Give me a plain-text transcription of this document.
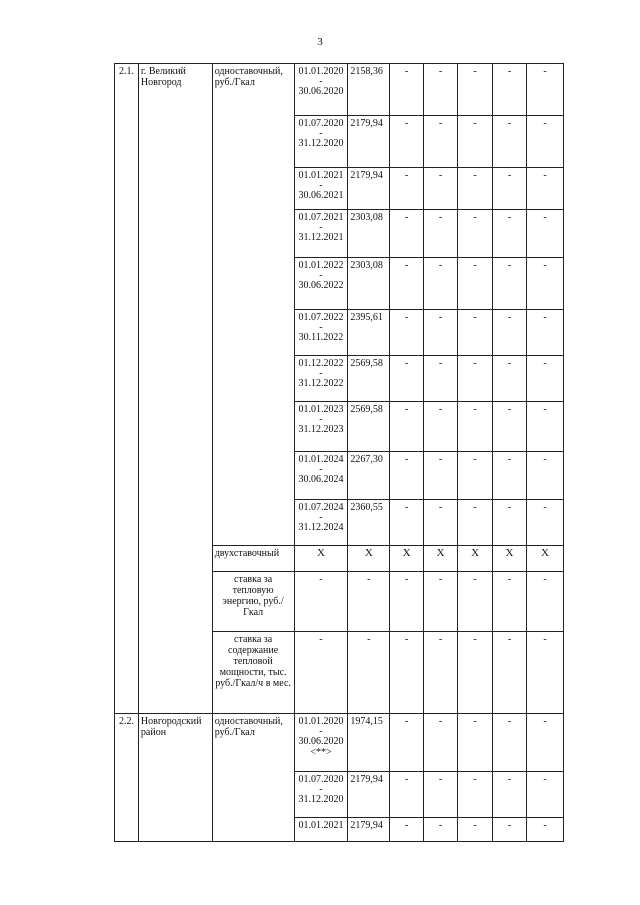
3
2.1.	г. Великий Новгород	одноставочный, руб./Гкал	01.01.2020
-
30.06.2020	2158,36	-	-	-	-	-

			01.07.2020
-
31.12.2020	2179,94	-	-	-	-	-

			01.01.2021
-
30.06.2021	2179,94	-	-	-	-	-

			01.07.2021
-
31.12.2021	2303,08	-	-	-	-	-

			01.01.2022
-
30.06.2022	2303,08	-	-	-	-	-

			01.07.2022
-
30.11.2022	2395,61	-	-	-	-	-

			01.12.2022
-
31.12.2022	2569,58	-	-	-	-	-

			01.01.2023
-
31.12.2023	2569,58	-	-	-	-	-

			01.01.2024
-
30.06.2024	2267,30	-	-	-	-	-

			01.07.2024
-
31.12.2024	2360,55	-	-	-	-	-
		двухставочный	X	X	X	X	X	X	X
		ставка за тепловую энергию, руб./Гкал	-	-	-	-	-	-	-
		ставка за содержание тепловой мощности, тыс. руб./Гкал/ч в мес.	-	-	-	-	-	-	-
2.2.	Новгородский район	одноставочный, руб./Гкал	01.01.2020
-
30.06.2020
<**>	1974,15	-	-	-	-	-

			01.07.2020
-
31.12.2020	2179,94	-	-	-	-	-

			01.01.2021	2179,94	-	-	-	-	-
